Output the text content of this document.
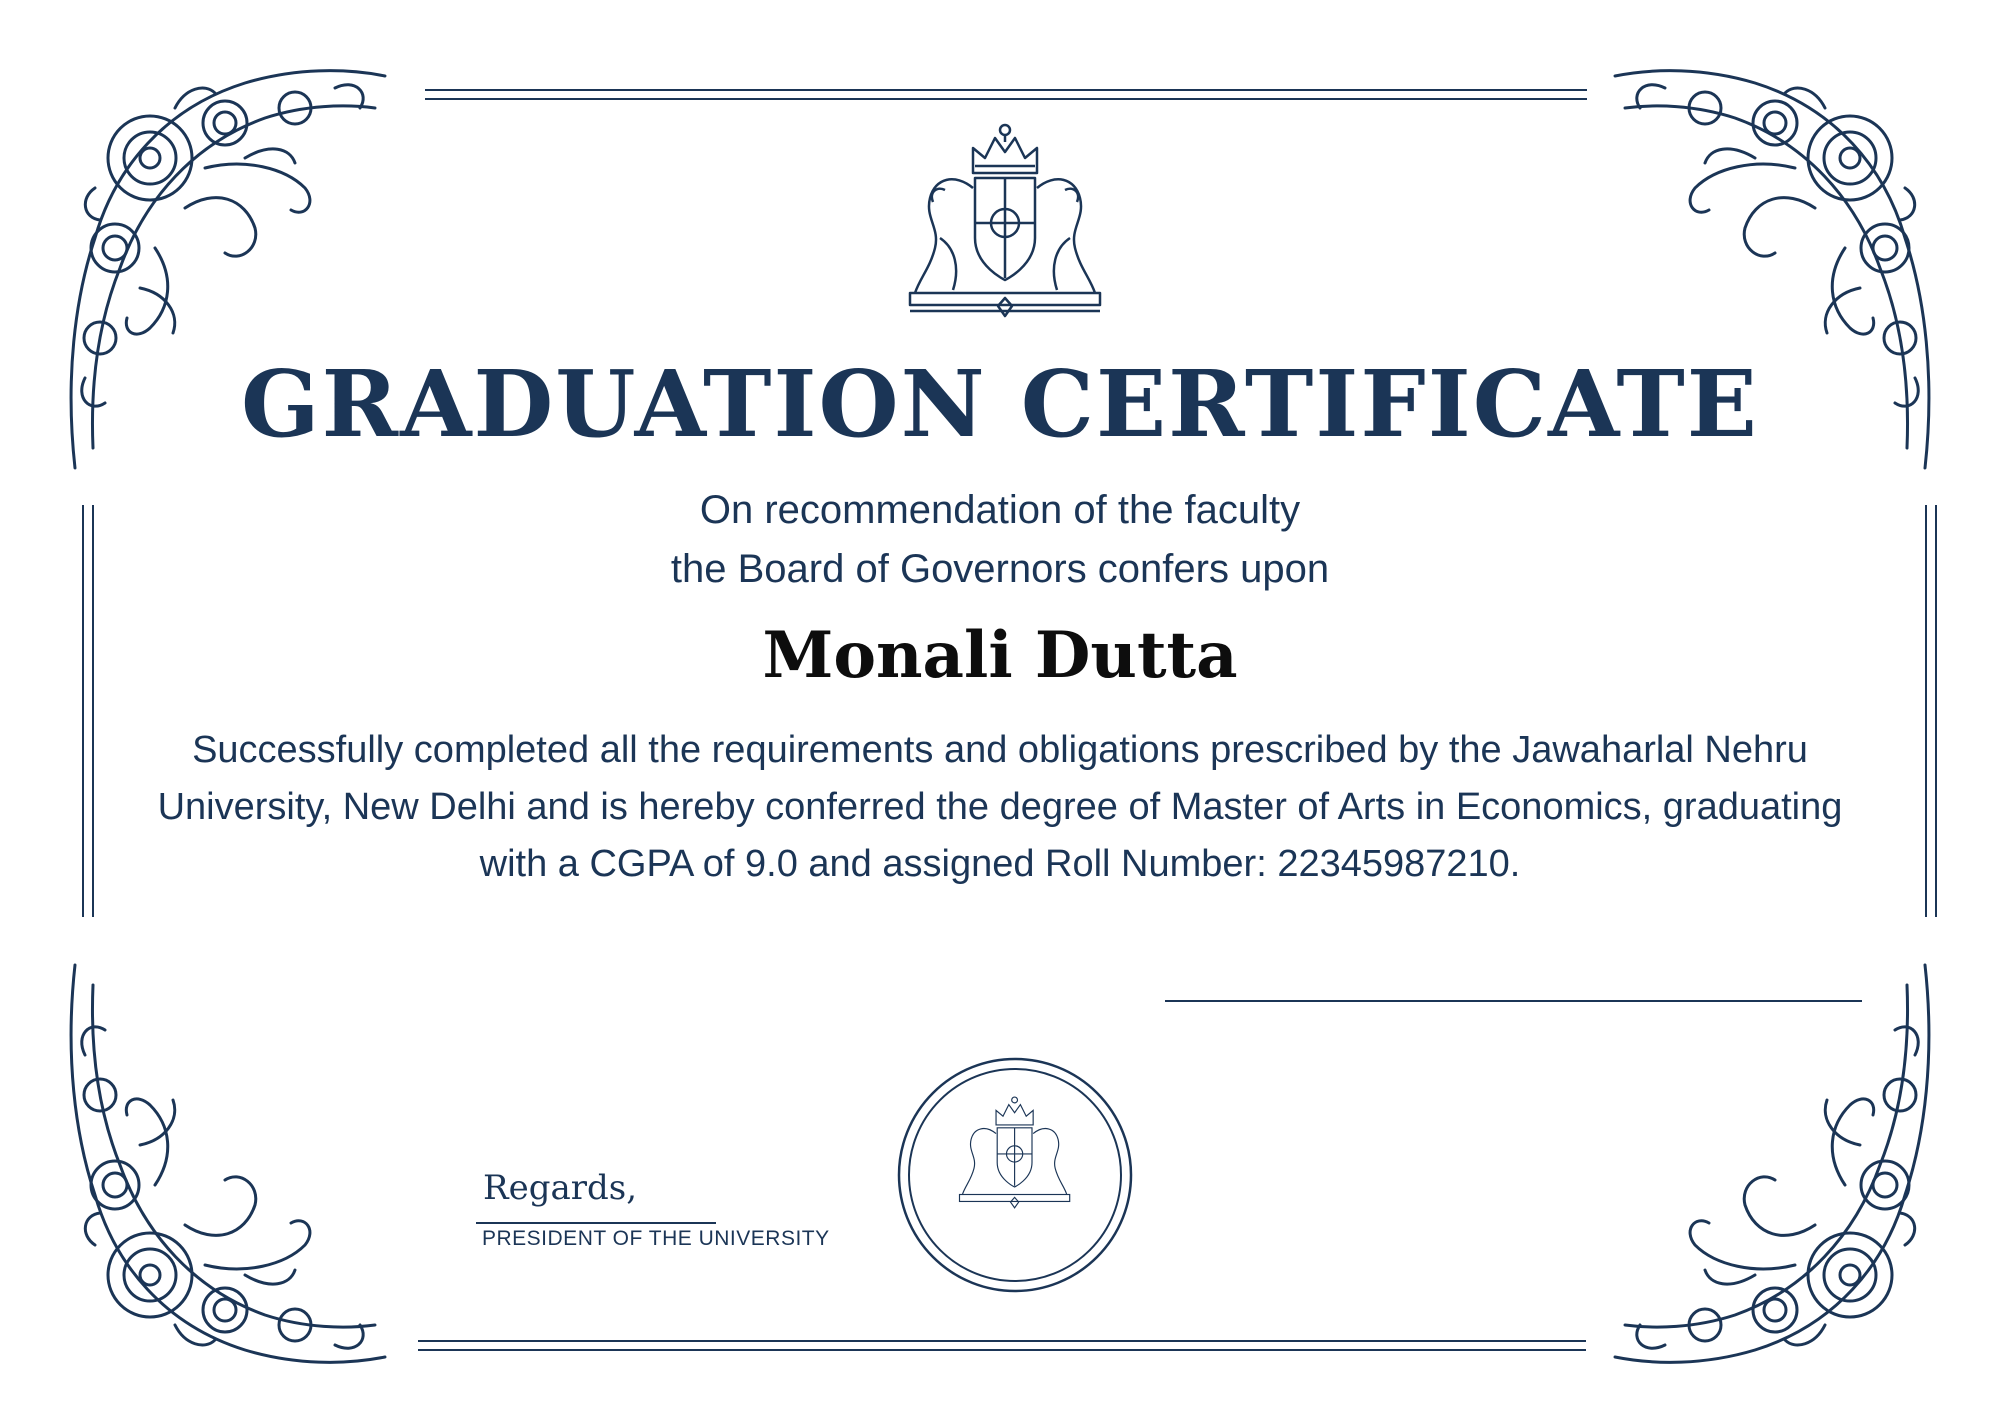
GRADUATION CERTIFICATE

On recommendation of the faculty

the Board of Governors confers upon

Monali Dutta

Successfully completed all the requirements and obligations prescribed by the Jawaharlal Nehru University, New Delhi and is hereby conferred the degree of Master of Arts in Economics, graduating with a CGPA of 9.0 and assigned Roll Number: 22345987210.

Regards,

PRESIDENT OF THE UNIVERSITY
